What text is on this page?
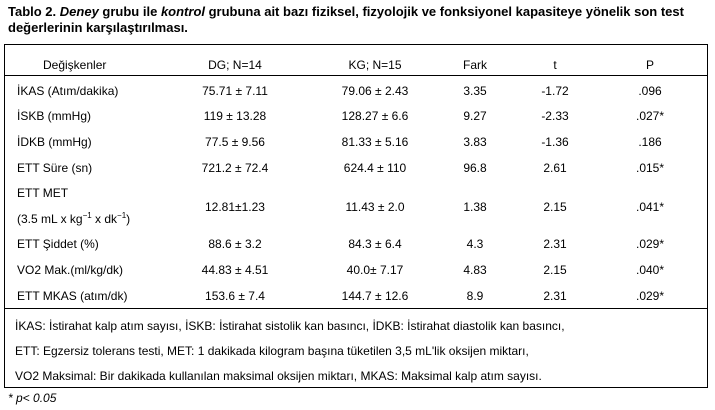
Tablo 2. Deney grubu ile kontrol grubuna ait bazı fiziksel, fizyolojik ve fonksiyonel kapasiteye yönelik son test değerlerinin karşılaştırılması.
Değişkenler	DG; N=14	KG; N=15	Fark	t	P
İKAS (Atım/dakika)	75.71 ± 7.11	79.06 ± 2.43	3.35	-1.72	.096
İSKB (mmHg)	119 ± 13.28	128.27 ± 6.6	9.27	-2.33	.027*
İDKB (mmHg)	77.5 ± 9.56	81.33 ± 5.16	3.83	-1.36	.186
ETT Süre (sn)	721.2 ± 72.4	624.4 ± 110	96.8	2.61	.015*
ETT MET
(3.5 mL x $kg^{-1}$ x $dk^{-1}$)
12.81±1.23	11.43 ± 2.0	1.38	2.15	.041*
ETT Şiddet (%)	88.6 ± 3.2	84.3 ± 6.4	4.3	2.31	.029*
VO2 Mak.(ml/kg/dk)	44.83 ± 4.51	40.0± 7.17	4.83	2.15	.040*
ETT MKAS (atım/dk)	153.6 ± 7.4	144.7 ± 12.6	8.9	2.31	.029*
İKAS: İstirahat kalp atım sayısı, İSKB: İstirahat sistolik kan basıncı, İDKB: İstirahat diastolik kan basıncı,
ETT: Egzersiz tolerans testi, MET: 1 dakikada kilogram başına tüketilen 3,5 mL'lik oksijen miktarı,
VO2 Maksimal: Bir dakikada kullanılan maksimal oksijen miktarı, MKAS: Maksimal kalp atım sayısı.
* p< 0.05
